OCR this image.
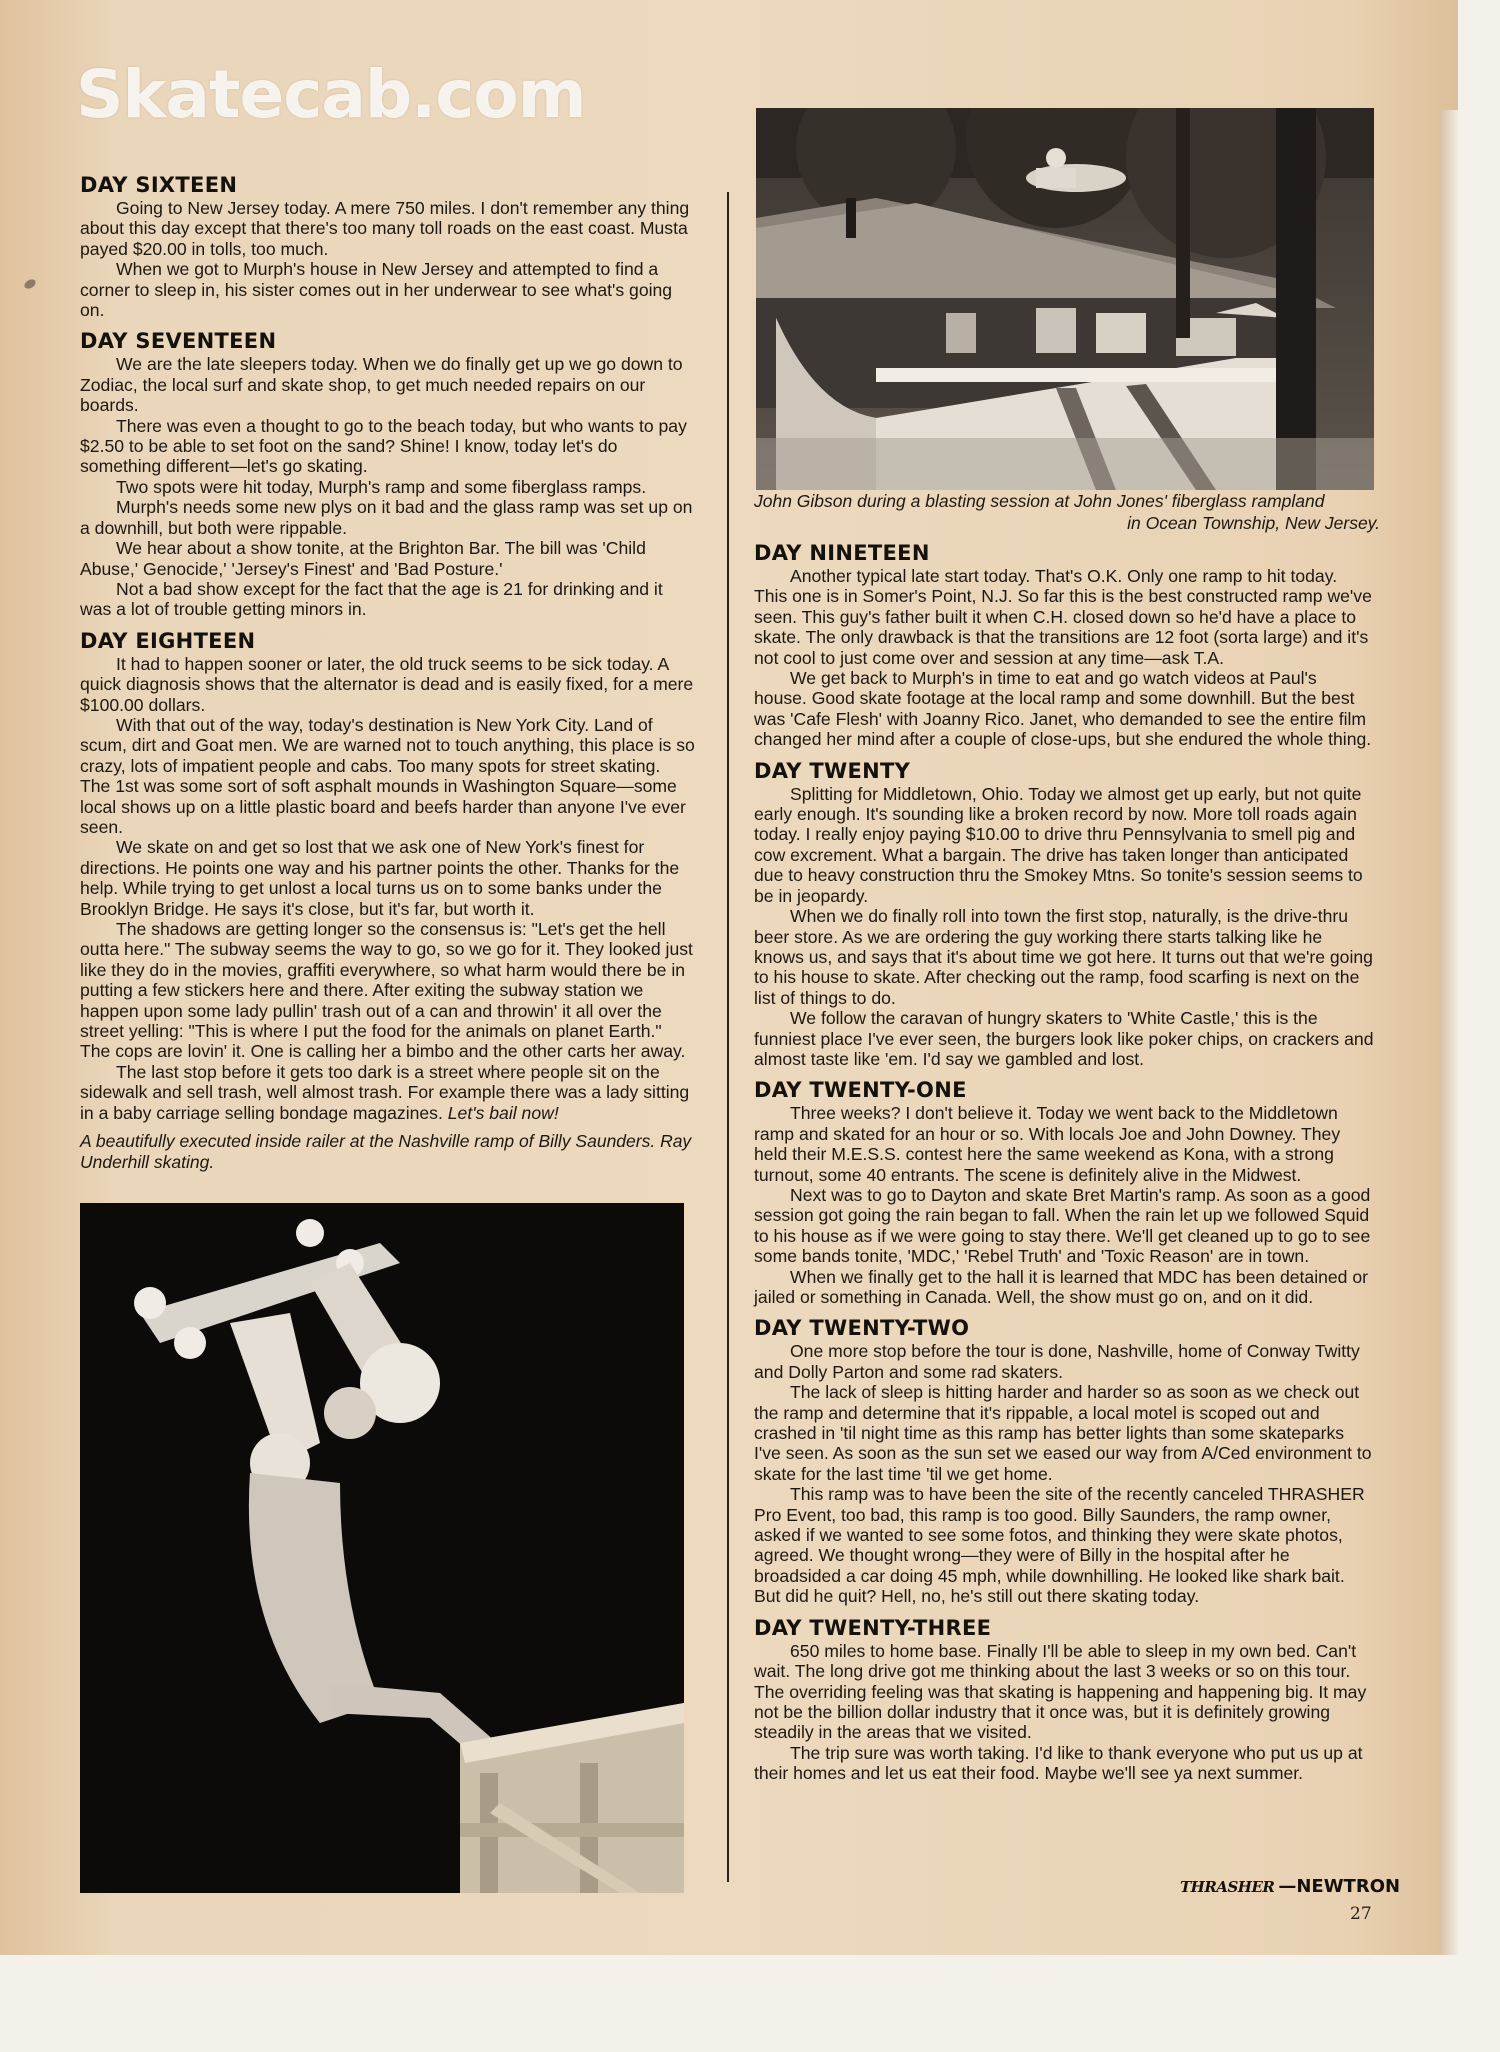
Skatecab.com
John Gibson during a blasting session at John Jones' fiberglass rampland
in Ocean Township, New Jersey.
DAY SIXTEEN

Going to New Jersey today. A mere 750 miles. I don't remember any thing about this day except that there's too many toll roads on the east coast. Musta payed $20.00 in tolls, too much.

When we got to Murph's house in New Jersey and attempted to find a corner to sleep in, his sister comes out in her underwear to see what's going on.

DAY SEVENTEEN

We are the late sleepers today. When we do finally get up we go down to Zodiac, the local surf and skate shop, to get much needed repairs on our boards.

There was even a thought to go to the beach today, but who wants to pay $2.50 to be able to set foot on the sand? Shine! I know, today let's do something different—let's go skating.

Two spots were hit today, Murph's ramp and some fiberglass ramps.

Murph's needs some new plys on it bad and the glass ramp was set up on a downhill, but both were rippable.

We hear about a show tonite, at the Brighton Bar. The bill was 'Child Abuse,' Genocide,' 'Jersey's Finest' and 'Bad Posture.'

Not a bad show except for the fact that the age is 21 for drinking and it was a lot of trouble getting minors in.

DAY EIGHTEEN

It had to happen sooner or later, the old truck seems to be sick today. A quick diagnosis shows that the alternator is dead and is easily fixed, for a mere $100.00 dollars.

With that out of the way, today's destination is New York City. Land of scum, dirt and Goat men. We are warned not to touch anything, this place is so crazy, lots of impatient people and cabs. Too many spots for street skating. The 1st was some sort of soft asphalt mounds in Washington Square—some local shows up on a little plastic board and beefs harder than anyone I've ever seen.

We skate on and get so lost that we ask one of New York's finest for directions. He points one way and his partner points the other. Thanks for the help. While trying to get unlost a local turns us on to some banks under the Brooklyn Bridge. He says it's close, but it's far, but worth it.

The shadows are getting longer so the consensus is: "Let's get the hell outta here." The subway seems the way to go, so we go for it. They looked just like they do in the movies, graffiti everywhere, so what harm would there be in putting a few stickers here and there. After exiting the subway station we happen upon some lady pullin' trash out of a can and throwin' it all over the street yelling: "This is where I put the food for the animals on planet Earth." The cops are lovin' it. One is calling her a bimbo and the other carts her away.

The last stop before it gets too dark is a street where people sit on the sidewalk and sell trash, well almost trash. For example there was a lady sitting in a baby carriage selling bondage magazines. Let's bail now!

A beautifully executed inside railer at the Nashville ramp of Billy Saunders. Ray Underhill skating.

DAY NINETEEN

Another typical late start today. That's O.K. Only one ramp to hit today. This one is in Somer's Point, N.J. So far this is the best constructed ramp we've seen. This guy's father built it when C.H. closed down so he'd have a place to skate. The only drawback is that the transitions are 12 foot (sorta large) and it's not cool to just come over and session at any time—ask T.A.

We get back to Murph's in time to eat and go watch videos at Paul's house. Good skate footage at the local ramp and some downhill. But the best was 'Cafe Flesh' with Joanny Rico. Janet, who demanded to see the entire film changed her mind after a couple of close-ups, but she endured the whole thing.

DAY TWENTY

Splitting for Middletown, Ohio. Today we almost get up early, but not quite early enough. It's sounding like a broken record by now. More toll roads again today. I really enjoy paying $10.00 to drive thru Pennsylvania to smell pig and cow excrement. What a bargain. The drive has taken longer than anticipated due to heavy construction thru the Smokey Mtns. So tonite's session seems to be in jeopardy.

When we do finally roll into town the first stop, naturally, is the drive-thru beer store. As we are ordering the guy working there starts talking like he knows us, and says that it's about time we got here. It turns out that we're going to his house to skate. After checking out the ramp, food scarfing is next on the list of things to do.

We follow the caravan of hungry skaters to 'White Castle,' this is the funniest place I've ever seen, the burgers look like poker chips, on crackers and almost taste like 'em. I'd say we gambled and lost.

DAY TWENTY-ONE

Three weeks? I don't believe it. Today we went back to the Middletown ramp and skated for an hour or so. With locals Joe and John Downey. They held their M.E.S.S. contest here the same weekend as Kona, with a strong turnout, some 40 entrants. The scene is definitely alive in the Midwest.

Next was to go to Dayton and skate Bret Martin's ramp. As soon as a good session got going the rain began to fall. When the rain let up we followed Squid to his house as if we were going to stay there. We'll get cleaned up to go to see some bands tonite, 'MDC,' 'Rebel Truth' and 'Toxic Reason' are in town.

When we finally get to the hall it is learned that MDC has been detained or jailed or something in Canada. Well, the show must go on, and on it did.

DAY TWENTY-TWO

One more stop before the tour is done, Nashville, home of Conway Twitty and Dolly Parton and some rad skaters.

The lack of sleep is hitting harder and harder so as soon as we check out the ramp and determine that it's rippable, a local motel is scoped out and crashed in 'til night time as this ramp has better lights than some skateparks I've seen. As soon as the sun set we eased our way from A/Ced environment to skate for the last time 'til we get home.

This ramp was to have been the site of the recently canceled THRASHER Pro Event, too bad, this ramp is too good. Billy Saunders, the ramp owner, asked if we wanted to see some fotos, and thinking they were skate photos, agreed. We thought wrong—they were of Billy in the hospital after he broadsided a car doing 45 mph, while downhilling. He looked like shark bait. But did he quit? Hell, no, he's still out there skating today.

DAY TWENTY-THREE

650 miles to home base. Finally I'll be able to sleep in my own bed. Can't wait. The long drive got me thinking about the last 3 weeks or so on this tour. The overriding feeling was that skating is happening and happening big. It may not be the billion dollar industry that it once was, but it is definitely growing steadily in the areas that we visited.

The trip sure was worth taking. I'd like to thank everyone who put us up at their homes and let us eat their food. Maybe we'll see ya next summer.

THRASHER —NEWTRON
27
